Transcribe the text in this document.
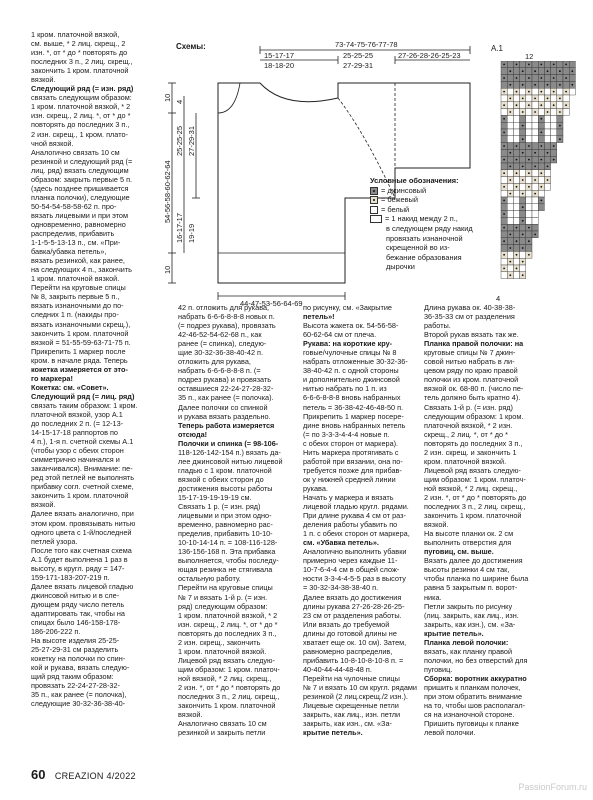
1 кром. платочной вязкой,

см. выше, * 2 лиц. скрещ., 2

изн. *, от * до * повторять до

последних 3 п., 2 лиц. скрещ.,

закончить 1 кром. платочной

вязкой.

Следующий ряд (= изн. ряд)

связать следующим образом:

1 кром. платочной вязкой, * 2

изн. скрещ., 2 лиц. *, от * до *

повторять до последних 3 п.,

2 изн. скрещ., 1 кром. плато-

чной вязкой.

Аналогично связать 10 см

резинкой и следующий ряд (=

лиц. ряд) вязать следующим

образом: закрыть первые 5 п.

(здесь позднее пришивается

планка полочки), следующие

50-54-54-58-58-62 п. про-

вязать лицевыми и при этом

одновременно, равномерно

распределив, прибавить

1-1-5-5-13-13 п., см. «При-

бавка/убавка петель»,

вязать резинкой, как ранее,

на следующих 4 п., закончить

1 кром. платочной вязкой.

Перейти на круговые спицы

№ 8, закрыть первые 5 п.,

вязать изнаночными до по-

следних 1 п. (накиды про-

вязать изнаночными скрещ.),

закончить 1 кром. платочной

вязкой = 51-55-59-63-71-75 п.

Прикрепить 1 маркер после

кром. в начале ряда. Теперь

кокетка измеряется от это-

го маркера!

Кокетка: см. «Совет».

Следующий ряд (= лиц. ряд)

связать таким образом: 1 кром.

платочной вязкой, узор А.1

до последних 2 п. (= 12-13-

14-15-17-18 раппортов по

4 п.), 1-я п. счетной схемы А.1

(чтобы узор с обеих сторон

симметрично начинался и

заканчивался). Внимание: пе-

ред этой петлей не выполнять

прибавку согл. счетной схеме,

закончить 1 кром. платочной

вязкой.

Далее вязать аналогично, при

этом кром. провязывать нитью

одного цвета с 1-й/последней

петлей узора.

После того как счетная схема

А.1 будет выполнена 1 раз в

высоту, в кругл. ряду = 147-

159-171-183-207-219 п.

Далее вязать лицевой гладью

джинсовой нитью и в сле-

дующем ряду число петель

адаптировать так, чтобы на

спицах было 146-158-178-

186-206-222 п.

На высоте изделия 25-25-

25-27-29-31 см разделить

кокетку на полочки по спин-

кой и рукава, вязать следую-

щий ряд таким образом:

провязать 22-24-27-28-32-

35 п., как ранее (= полочка),

следующие 30-32-36-38-40-

42 п. отложить для рукава,

набрать 6-6-6-8-8-8 новых п.

(= подрез рукава), провязать

42-46-52-54-62-68 п., как

ранее (= спинка), следую-

щие 30-32-36-38-40-42 п.

отложить для рукава,

набрать 6-6-6-8-8-8 п. (=

подрез рукава) и провязать

оставшиеся 22-24-27-28-32-

35 п., как ранее (= полочка).

Далее полочки со спинкой

и рукава вязать раздельно.

Теперь работа измеряется

отсюда!

Полочки и спинка (= 98-106-

118-126-142-154 п.) вязать да-

лее джинсовой нитью лицевой

гладью с 1 кром. платочной

вязкой с обеих сторон до

достижения высоты работы

15-17-19-19-19-19 см.

Связать 1 р. (= изн. ряд)

лицевыми и при этом одно-

временно, равномерно рас-

пределив, прибавить 10-10-

10-10-14-14 п. = 108-116-128-

136-156-168 п. Эта прибавка

выполняется, чтобы последу-

ющая резинка не стягивала

остальную работу.

Перейти на круговые спицы

№ 7 и вязать 1-й р. (= изн.

ряд) следующим образом:

1 кром. платочной вязкой, * 2

изн. скрещ., 2 лиц. *, от * до *

повторять до последних 3 п.,

2 изн. скрещ., закончить

1 кром. платочной вязкой.

Лицевой ряд вязать следую-

щим образом: 1 кром. платоч-

ной вязкой, * 2 лиц. скрещ.,

2 изн. *, от * до * повторять до

последних 3 п., 2 лиц. скрещ.,

закончить 1 кром. платочной

вязкой.

Аналогично связать 10 см

резинкой и закрыть петли

по рисунку, см. «Закрытие

петель»!

Высота жакета ок. 54-56-58-

60-62-64 см от плеча.

Рукава: на короткие кру-

говые/чулочные спицы № 8

набрать отложенные 30-32-36-

38-40-42 п. с одной стороны

и дополнительно джинсовой

нитью набрать по 1 п. из

6-6-6-8-8-8 вновь набранных

петель = 36-38-42-46-48-50 п.

Прикрепить 1 маркер посере-

дине вновь набранных петель

(= по 3-3-3-4-4-4 новые п.

с обеих сторон от маркера).

Нить маркера протягивать с

работой при вязании, она по-

требуется позже для прибав-

ок у нижней средней линии

рукава.

Начать у маркера и вязать

лицевой гладью кругл. рядами.

При длине рукава 4 см от раз-

деления работы убавить по

1 п. с обеих сторон от маркера,

см. «Убавка петель».

Аналогично выполнить убавки

примерно через каждые 11-

10-7-6-4-4 см в общей слож-

ности 3-3-4-4-5-5 раз в высоту

= 30-32-34-38-38-40 п.

Далее вязать до достижения

длины рукава 27-26-28-26-25-

23 см от разделения работы.

Или вязать до требуемой

длины до готовой длины не

хватает еще ок. 10 см). Затем,

равномерно распределив,

прибавить 10-8-10-8-10-8 п. =

40-40-44-44-48-48 п.

Перейти на чулочные спицы

№ 7 и вязать 10 см кругл. рядами

резинкой (2 лиц.скрещ./2 изн.).

Лицевые скрещенные петли

закрыть, как лиц., изн. петли

закрыть, как изн., см. «За-

крытие петель».

Длина рукава ок. 40-38-38-

36-35-33 см от разделения

работы.

Второй рукав вязать так же.

Планка правой полочки: на

круговые спицы № 7 джин-

совой нитью набрать в ли-

цевом ряду по краю правой

полочки из кром. платочной

вязкой ок. 68-80 п. (число пе-

тель должно быть кратно 4).

Связать 1-й р. (= изн. ряд)

следующим образом: 1 кром.

платочной вязкой, * 2 изн.

скрещ., 2 лиц. *, от * до *

повторять до последних 3 п.,

2 изн. скрещ. и закончить 1

кром. платочной вязкой.

Лицевой ряд вязать следую-

щим образом: 1 кром. платоч-

ной вязкой, * 2 лиц. скрещ.,

2 изн. *, от * до * повторять до

последних 3 п., 2 лиц. скрещ.,

закончить 1 кром. платочной

вязкой.

На высоте планки ок. 2 см

выполнить отверстия для

пуговиц, см. выше.

Вязать далее до достижения

высоты резинки 4 см так,

чтобы планка по ширине была

равна 5 закрытым п. ворот-

ника.

Петли закрыть по рисунку

(лиц. закрыть, как лиц., изн.

закрыть, как изн.), см. «За-

крытие петель».

Планка левой полочки:

вязать, как планку правой

полочки, но без отверстий для

пуговиц.

Сборка: воротник аккуратно

пришить к планкам полочек,

при этом обратить внимание

на то, чтобы шов располагал-

ся на изнаночной стороне.

Пришить пуговицы к планке

левой полочки.

Схемы:	73-74-75-76-77-78
15-17-17
18-18-20
25-25-25
27-29-31
27-26-28-26-25-23
10 4
25-25-25 27-29-31
54-56-58-60-62-64
16-17-17 19-19
10
44-47-53-56-64-69
Условные обозначения:
= джинсовый
= бежевый
= белый
= 1 накид между 2 п.,
в следующем ряду накид
провязать изнаночной
скрещенной во из-
бежание образования
дырочки
А.1
12
4
60 CREAZION 4/2022
PassionForum.ru
